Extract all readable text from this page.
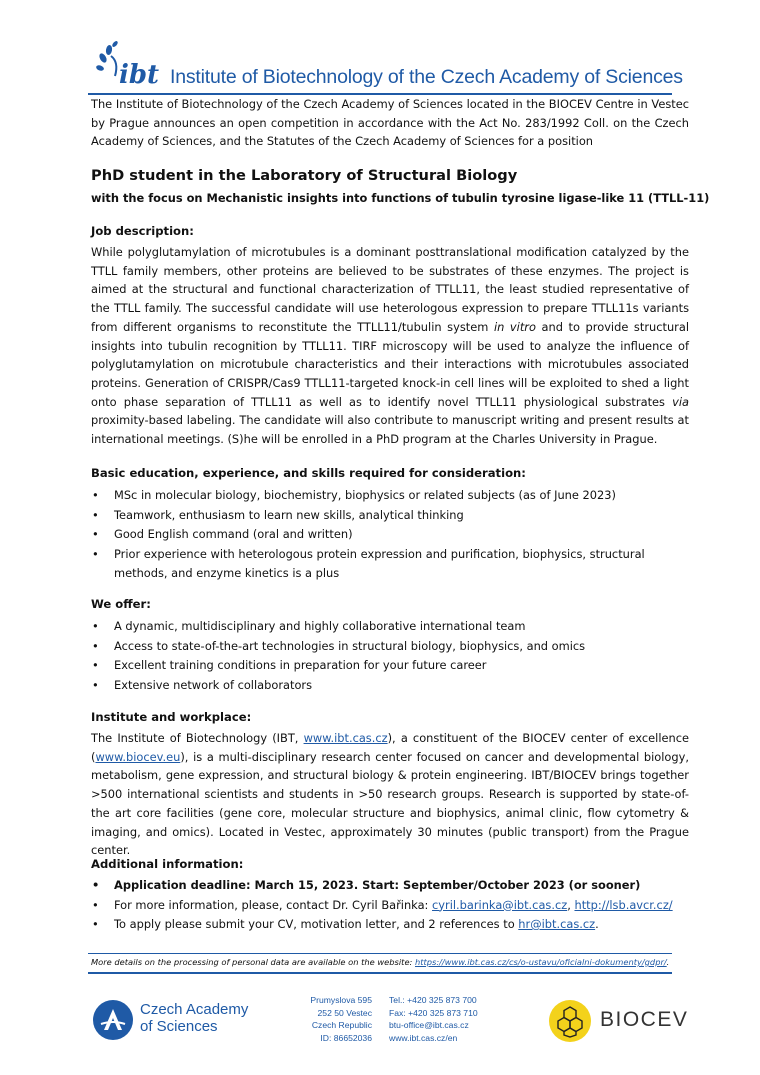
ibt Institute of Biotechnology of the Czech Academy of Sciences
The Institute of Biotechnology of the Czech Academy of Sciences located in the BIOCEV Centre in Vestec by Prague announces an open competition in accordance with the Act No. 283/1992 Coll. on the Czech Academy of Sciences, and the Statutes of the Czech Academy of Sciences for a position
PhD student in the Laboratory of Structural Biology
with the focus on Mechanistic insights into functions of tubulin tyrosine ligase-like 11 (TTLL-11)
Job description:
While polyglutamylation of microtubules is a dominant posttranslational modification catalyzed by the TTLL family members, other proteins are believed to be substrates of these enzymes. The project is aimed at the structural and functional characterization of TTLL11, the least studied representative of the TTLL family. The successful candidate will use heterologous expression to prepare TTLL11s variants from different organisms to reconstitute the TTLL11/tubulin system in vitro and to provide structural insights into tubulin recognition by TTLL11. TIRF microscopy will be used to analyze the influence of polyglutamylation on microtubule characteristics and their interactions with microtubules associated proteins. Generation of CRISPR/Cas9 TTLL11-targeted knock-in cell lines will be exploited to shed a light onto phase separation of TTLL11 as well as to identify novel TTLL11 physiological substrates via proximity-based labeling. The candidate will also contribute to manuscript writing and present results at international meetings. (S)he will be enrolled in a PhD program at the Charles University in Prague.
Basic education, experience, and skills required for consideration:
• MSc in molecular biology, biochemistry, biophysics or related subjects (as of June 2023)
• Teamwork, enthusiasm to learn new skills, analytical thinking
• Good English command (oral and written)
• Prior experience with heterologous protein expression and purification, biophysics, structural methods, and enzyme kinetics is a plus
We offer:
• A dynamic, multidisciplinary and highly collaborative international team
• Access to state-of-the-art technologies in structural biology, biophysics, and omics
• Excellent training conditions in preparation for your future career
• Extensive network of collaborators
Institute and workplace:
The Institute of Biotechnology (IBT, www.ibt.cas.cz), a constituent of the BIOCEV center of excellence (www.biocev.eu), is a multi-disciplinary research center focused on cancer and developmental biology, metabolism, gene expression, and structural biology & protein engineering. IBT/BIOCEV brings together >500 international scientists and students in >50 research groups. Research is supported by state-of-the art core facilities (gene core, molecular structure and biophysics, animal clinic, flow cytometry & imaging, and omics). Located in Vestec, approximately 30 minutes (public transport) from the Prague center.
Additional information:
• Application deadline: March 15, 2023. Start: September/October 2023 (or sooner)
• For more information, please, contact Dr. Cyril Bařinka: cyril.barinka@ibt.cas.cz, http://lsb.avcr.cz/
• To apply please submit your CV, motivation letter, and 2 references to hr@ibt.cas.cz.
More details on the processing of personal data are available on the website: https://www.ibt.cas.cz/cs/o-ustavu/oficialni-dokumenty/gdpr/.
Czech Academy
of Sciences
Prumyslova 595
252 50 Vestec
Czech Republic
ID: 86652036
Tel.: +420 325 873 700
Fax: +420 325 873 710
btu-office@ibt.cas.cz
www.ibt.cas.cz/en
BIOCEV
